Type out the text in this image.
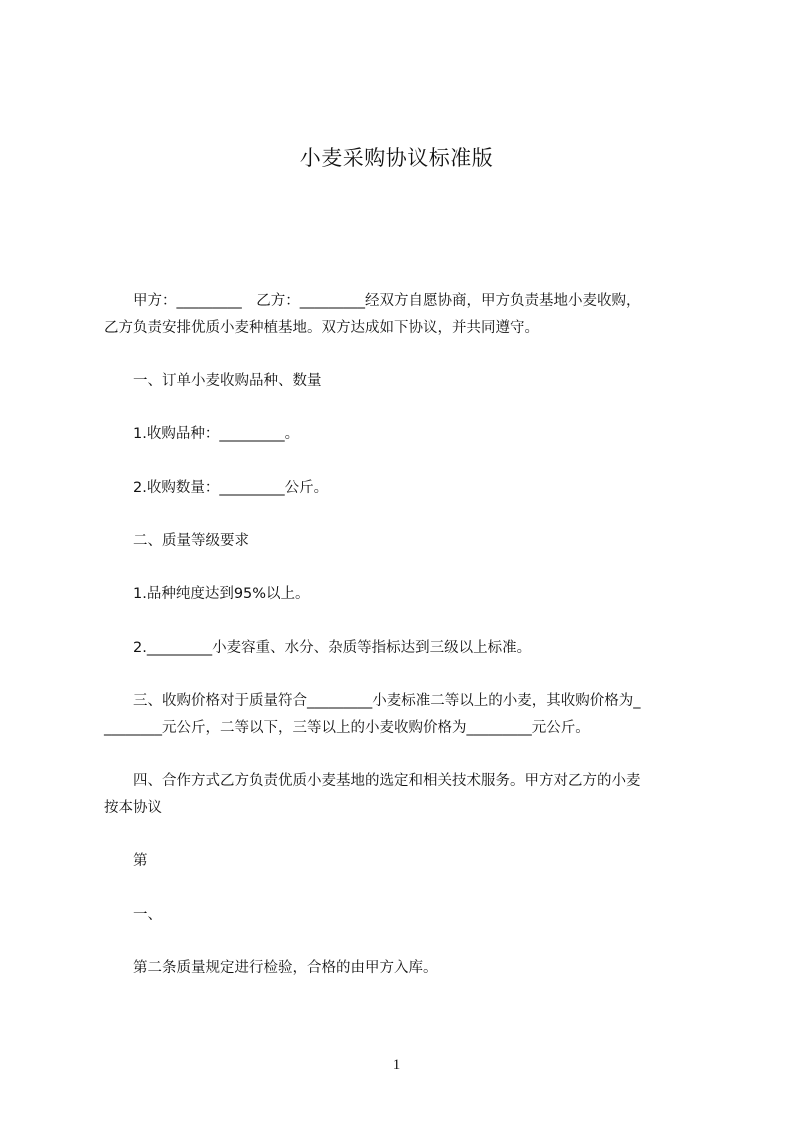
小麦采购协议标准版
　　甲方：_________　乙方：_________经双方自愿协商，甲方负责基地小麦收购，
乙方负责安排优质小麦种植基地。双方达成如下协议，并共同遵守。
　　一、订单小麦收购品种、数量
　　1.收购品种：_________。
　　2.收购数量：_________公斤。
　　二、质量等级要求
　　1.品种纯度达到95%以上。
　　2._________小麦容重、水分、杂质等指标达到三级以上标准。
　　三、收购价格对于质量符合_________小麦标准二等以上的小麦，其收购价格为_
________元公斤，二等以下，三等以上的小麦收购价格为_________元公斤。
　　四、合作方式乙方负责优质小麦基地的选定和相关技术服务。甲方对乙方的小麦
按本协议
　　第
　　一、
　　第二条质量规定进行检验，合格的由甲方入库。
1
